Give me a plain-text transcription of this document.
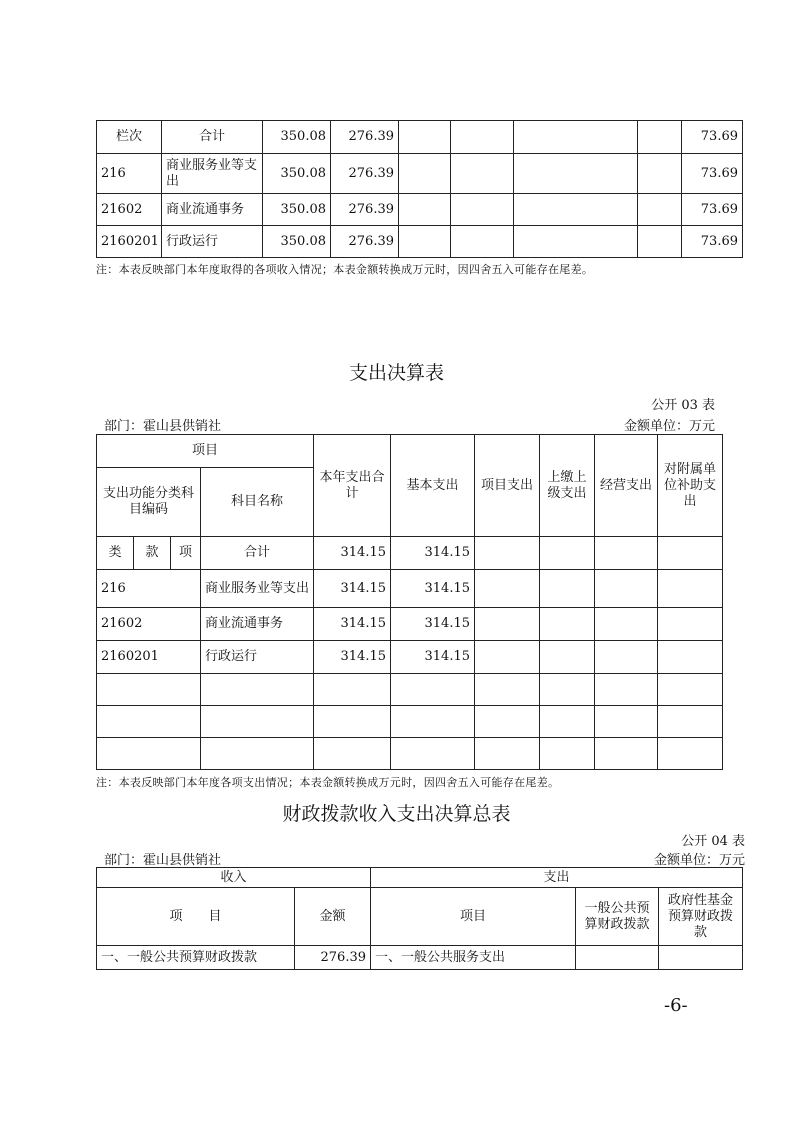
栏次	合计	350.08	276.39					73.69
216	商业服务业等支出	350.08	276.39					73.69
21602	商业流通事务	350.08	276.39					73.69
2160201	行政运行	350.08	276.39					73.69
注：本表反映部门本年度取得的各项收入情况；本表金额转换成万元时，因四舍五入可能存在尾差。
支出决算表
公开 03 表
部门：霍山县供销社	金额单位：万元
项目				本年支出合计	基本支出	项目支出	上缴上级支出	经营支出	对附属单位补助支出
支出功能分类科目编码			科目名称						
类	款	项	合计	314.15	314.15				
216			商业服务业等支出	314.15	314.15				
21602			商业流通事务	314.15	314.15				
2160201			行政运行	314.15	314.15				

注：本表反映部门本年度各项支出情况；本表金额转换成万元时，因四舍五入可能存在尾差。
财政拨款收入支出决算总表
公开 04 表
部门：霍山县供销社	金额单位：万元
收入		支出		
项　　目	金额	项目	一般公共预算财政拨款	政府性基金预算财政拨款
一、一般公共预算财政拨款	276.39	一、一般公共服务支出		
-6-
